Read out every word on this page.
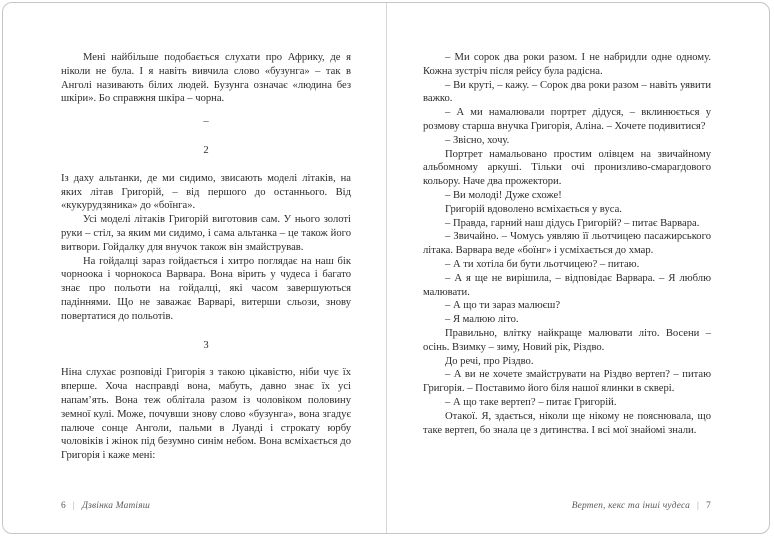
Мені найбільше подобається слухати про Африку, де я ніколи не була. І я навіть вивчила слово «бузунга» – так в Анголі називають білих людей. Бузунга означає «людина без шкіри». Бо справжня шкіра – чорна.
–
2
Із даху альтанки, де ми сидимо, звисають моделі літаків, на яких літав Григорій, – від першого до останнього. Від «кукурудзяника» до «боїнга».
Усі моделі літаків Григорій виготовив сам. У нього золоті руки – стіл, за яким ми сидимо, і сама альтанка – це також його витвори. Гойдалку для внучок також він змайстрував.
На гойдалці зараз гойдається і хитро поглядає на наш бік чорноока і чорнокоса Варвара. Вона вірить у чудеса і багато знає про польоти на гойдалці, які часом завершуються падіннями. Що не заважає Варварі, витерши сльози, знову повертатися до польотів.
3
Ніна слухає розповіді Григорія з такою цікавістю, ніби чує їх вперше. Хоча насправді вона, мабуть, давно знає їх усі напам’ять. Вона теж облітала разом із чоловіком половину земної кулі. Може, почувши знову слово «бузунга», вона згадує палюче сонце Анголи, пальми в Луанді і строкату юрбу чоловіків і жінок під безумно синім небом. Вона всміхається до Григорія і каже мені:
6 | Дзвінка Матіяш
– Ми сорок два роки разом. І не набридли одне одному. Кожна зустріч після рейсу була радісна.
– Ви круті, – кажу. – Сорок два роки разом – навіть уявити важко.
– А ми намалювали портрет дідуся, – вклинюється у розмову старша внучка Григорія, Аліна. – Хочете подивитися?
– Звісно, хочу.
Портрет намальовано простим олівцем на звичайному альбомному аркуші. Тільки очі пронизливо-смарагдового кольору. Наче два прожектори.
– Ви молоді! Дуже схоже!
Григорій вдоволено всміхається у вуса.
– Правда, гарний наш дідусь Григорій? – питає Варвара.
– Звичайно. – Чомусь уявляю її льотчицею пасажирського літака. Варвара веде «боїнг» і усміхається до хмар.
– А ти хотіла би бути льотчицею? – питаю.
– А я ще не вирішила, – відповідає Варвара. – Я люблю малювати.
– А що ти зараз малюєш?
– Я малюю літо.
Правильно, влітку найкраще малювати літо. Восени – осінь. Взимку – зиму, Новий рік, Різдво.
До речі, про Різдво.
– А ви не хочете змайструвати на Різдво вертеп? – питаю Григорія. – Поставимо його біля нашої ялинки в сквері.
– А що таке вертеп? – питає Григорій.
Отакої. Я, здається, ніколи ще нікому не пояснювала, що таке вертеп, бо знала це з дитинства. І всі мої знайомі знали.
Вертеп, кекс та інші чудеса | 7
